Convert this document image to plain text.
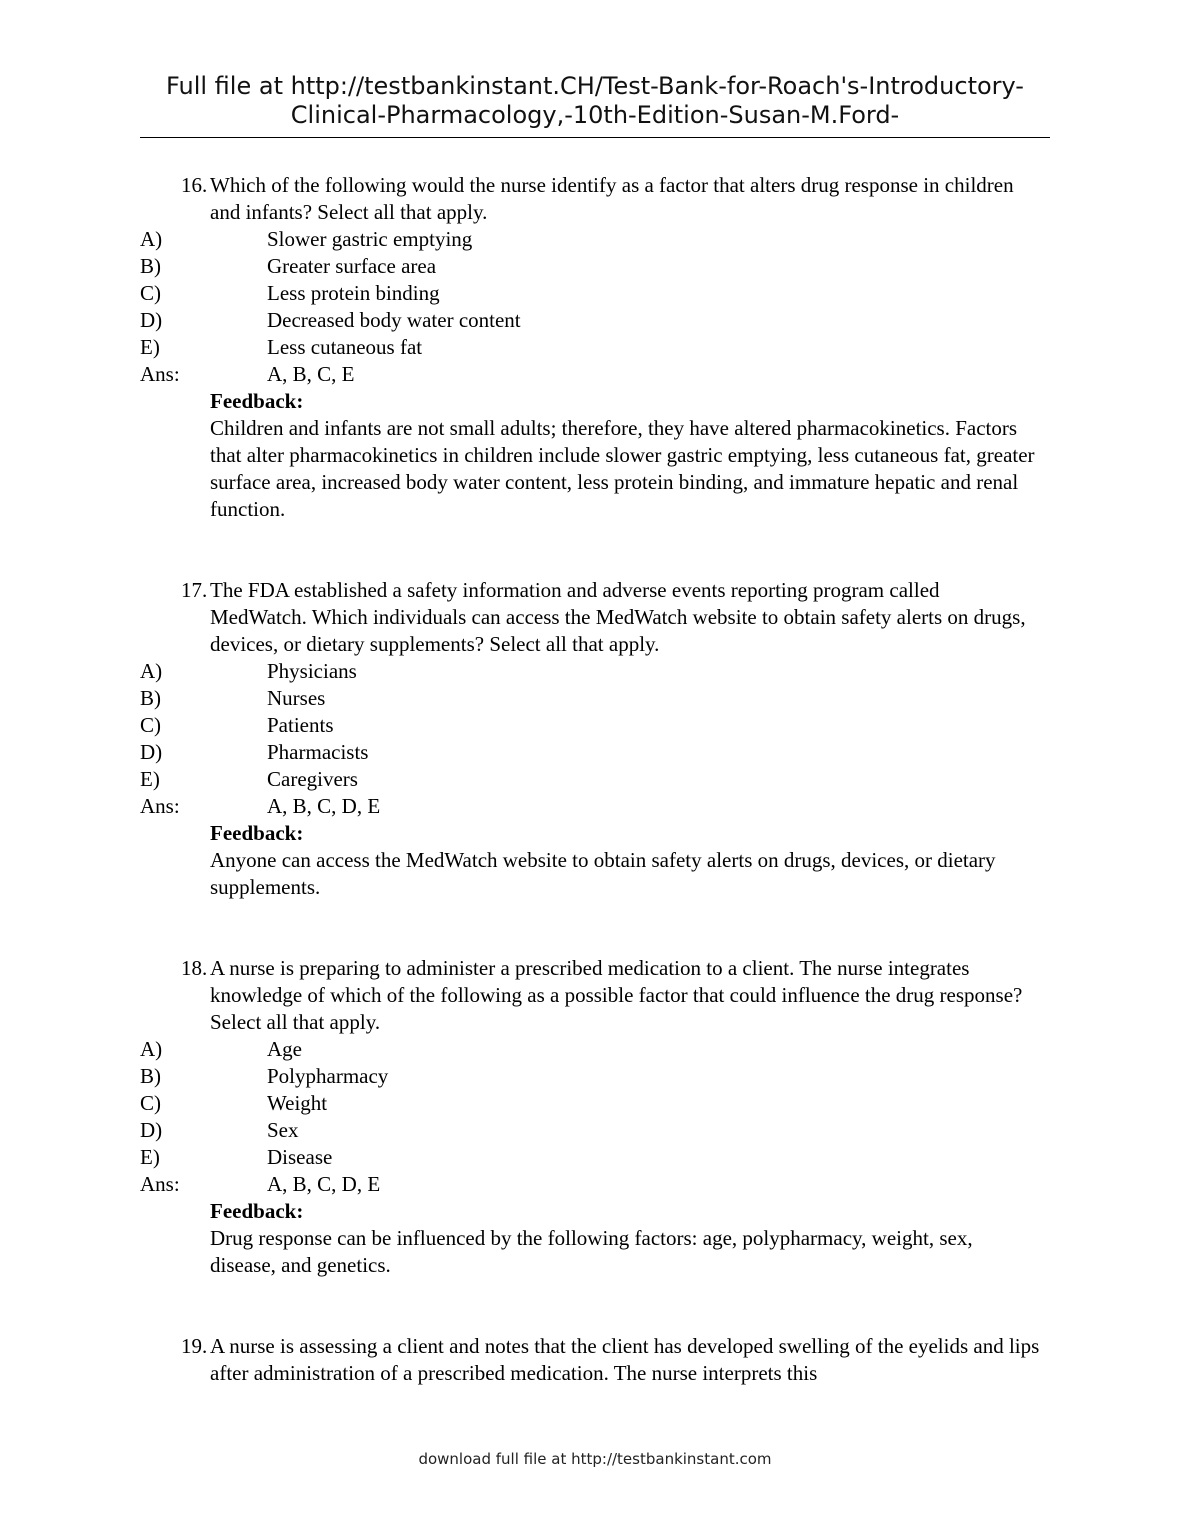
Full file at http://testbankinstant.CH/Test-Bank-for-Roach's-Introductory-
Clinical-Pharmacology,-10th-Edition-Susan-M.Ford-
16. Which of the following would the nurse identify as a factor that alters drug response in children and infants? Select all that apply.
A)	Slower gastric emptying
B)	Greater surface area
C)	Less protein binding
D)	Decreased body water content
E)	Less cutaneous fat
Ans:	A, B, C, E
Feedback:
Children and infants are not small adults; therefore, they have altered pharmacokinetics. Factors that alter pharmacokinetics in children include slower gastric emptying, less cutaneous fat, greater surface area, increased body water content, less protein binding, and immature hepatic and renal function.
17. The FDA established a safety information and adverse events reporting program called MedWatch. Which individuals can access the MedWatch website to obtain safety alerts on drugs, devices, or dietary supplements? Select all that apply.
A)	Physicians
B)	Nurses
C)	Patients
D)	Pharmacists
E)	Caregivers
Ans:	A, B, C, D, E
Feedback:
Anyone can access the MedWatch website to obtain safety alerts on drugs, devices, or dietary supplements.
18. A nurse is preparing to administer a prescribed medication to a client. The nurse integrates knowledge of which of the following as a possible factor that could influence the drug response? Select all that apply.
A)	Age
B)	Polypharmacy
C)	Weight
D)	Sex
E)	Disease
Ans:	A, B, C, D, E
Feedback:
Drug response can be influenced by the following factors: age, polypharmacy, weight, sex, disease, and genetics.
19. A nurse is assessing a client and notes that the client has developed swelling of the eyelids and lips after administration of a prescribed medication. The nurse interprets this
download full file at http://testbankinstant.com
